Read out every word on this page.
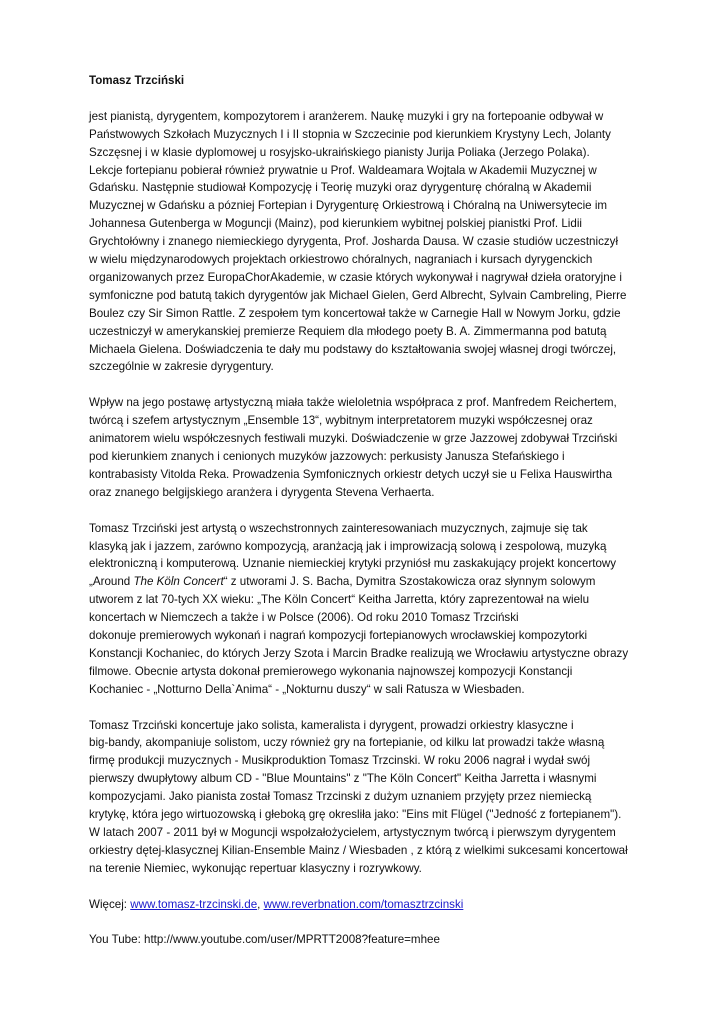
Tomasz Trzciński

jest pianistą, dyrygentem, kompozytorem i aranżerem. Naukę muzyki i gry na fortepoanie odbywał w
Państwowych Szkołach Muzycznych I i II stopnia w Szczecinie pod kierunkiem Krystyny Lech, Jolanty
Szczęsnej i w klasie dyplomowej u rosyjsko-ukraińskiego pianisty Jurija Poliaka (Jerzego Polaka).
Lekcje fortepianu pobierał również prywatnie u Prof. Waldeamara Wojtala w Akademii Muzycznej w
Gdańsku. Następnie studiował Kompozycję i Teorię muzyki oraz dyrygenturę chóralną w Akademii
Muzycznej w Gdańsku a pózniej Fortepian i Dyrygenturę Orkiestrową i Chóralną na Uniwersytecie im
Johannesa Gutenberga w Moguncji (Mainz), pod kierunkiem wybitnej polskiej pianistki Prof. Lidii
Grychtołówny i znanego niemieckiego dyrygenta, Prof. Josharda Dausa. W czasie studiów uczestniczył
w wielu międzynarodowych projektach orkiestrowo chóralnych, nagraniach i kursach dyrygenckich
organizowanych przez EuropaChorAkademie, w czasie których wykonywał i nagrywał dzieła oratoryjne i
symfoniczne pod batutą takich dyrygentów jak Michael Gielen, Gerd Albrecht, Sylvain Cambreling, Pierre
Boulez czy Sir Simon Rattle. Z zespołem tym koncertował także w Carnegie Hall w Nowym Jorku, gdzie
uczestniczył w amerykanskiej premierze Requiem dla młodego poety B. A. Zimmermanna pod batutą
Michaela Gielena. Doświadczenia te dały mu podstawy do kształtowania swojej własnej drogi twórczej,
szczególnie w zakresie dyrygentury.

Wpływ na jego postawę artystyczną miała także wieloletnia współpraca z prof. Manfredem Reichertem,
twórcą i szefem artystycznym „Ensemble 13“, wybitnym interpretatorem muzyki współczesnej oraz
animatorem wielu współczesnych festiwali muzyki. Doświadczenie w grze Jazzowej zdobywał Trzciński
pod kierunkiem znanych i cenionych muzyków jazzowych: perkusisty Janusza Stefańskiego i
kontrabasisty Vitolda Reka. Prowadzenia Symfonicznych orkiestr detych uczył sie u Felixa Hauswirtha
oraz znanego belgijskiego aranżera i dyrygenta Stevena Verhaerta.

Tomasz Trzciński jest artystą o wszechstronnych zainteresowaniach muzycznych, zajmuje się tak
klasyką jak i jazzem, zarówno kompozycją, aranżacją jak i improwizacją solową i zespolową, muzyką
elektroniczną i komputerową. Uznanie niemieckiej krytyki przyniósł mu zaskakujący projekt koncertowy
„Around The Köln Concert“ z utworami J. S. Bacha, Dymitra Szostakowicza oraz słynnym solowym
utworem z lat 70-tych XX wieku: „The Köln Concert“ Keitha Jarretta, który zaprezentował na wielu
koncertach w Niemczech a także i w Polsce (2006). Od roku 2010 Tomasz Trzciński
dokonuje premierowych wykonań i nagrań kompozycji fortepianowych wrocławskiej kompozytorki
Konstancji Kochaniec, do których Jerzy Szota i Marcin Bradke realizują we Wrocławiu artystyczne obrazy
filmowe. Obecnie artysta dokonał premierowego wykonania najnowszej kompozycji Konstancji
Kochaniec - „Notturno Della`Anima“ - „Nokturnu duszy“ w sali Ratusza w Wiesbaden.

Tomasz Trzciński koncertuje jako solista, kameralista i dyrygent, prowadzi orkiestry klasyczne i
big-bandy, akompaniuje solistom, uczy również gry na fortepianie, od kilku lat prowadzi także własną
firmę produkcji muzycznych - Musikproduktion Tomasz Trzcinski. W roku 2006 nagrał i wydał swój
pierwszy dwupłytowy album CD - "Blue Mountains" z "The Köln Concert" Keitha Jarretta i własnymi
kompozycjami. Jako pianista został Tomasz Trzcinski z dużym uznaniem przyjęty przez niemiecką
krytykę, która jego wirtuozowską i głeboką grę okresliła jako: "Eins mit Flügel ("Jedność z fortepianem").
W latach 2007 - 2011 był w Moguncji wspołzałożycielem, artystycznym twórcą i pierwszym dyrygentem
orkiestry dętej-klasycznej Kilian-Ensemble Mainz / Wiesbaden , z którą z wielkimi sukcesami koncertował
na terenie Niemiec, wykonując repertuar klasyczny i rozrywkowy.

Więcej: www.tomasz-trzcinski.de, www.reverbnation.com/tomasztrzcinski

You Tube: http://www.youtube.com/user/MPRTT2008?feature=mhee
